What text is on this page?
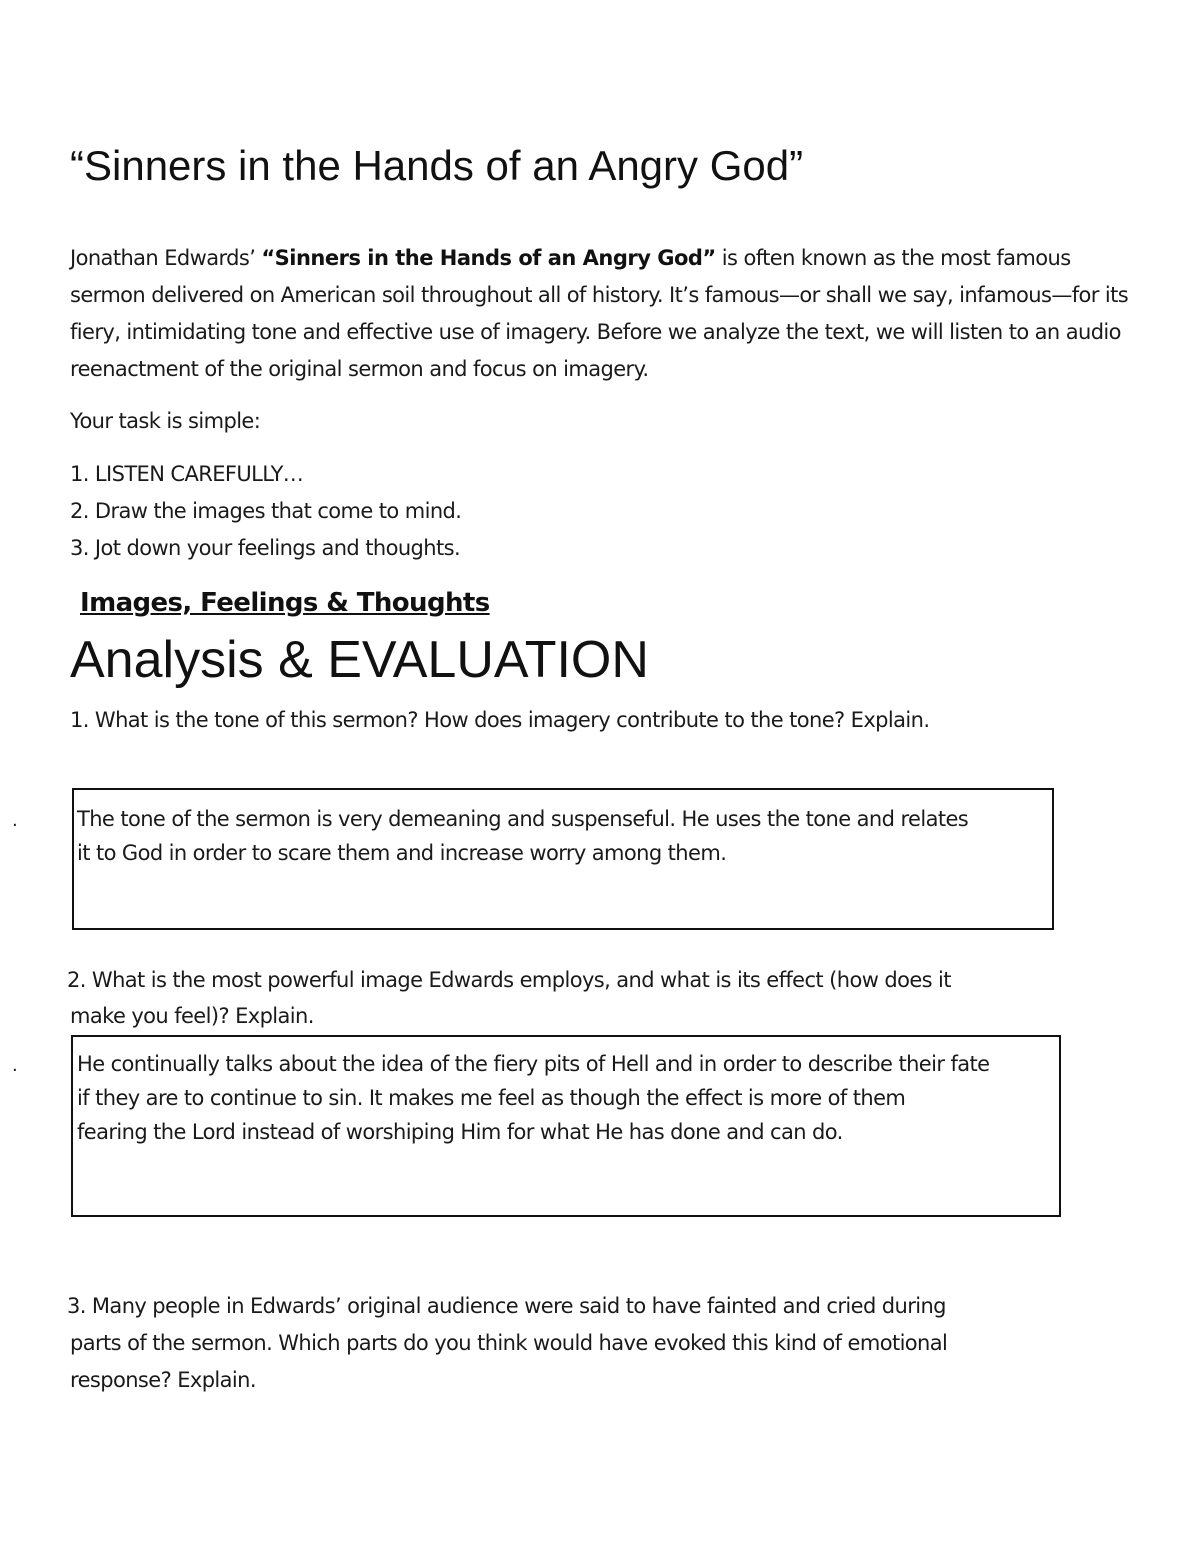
“Sinners in the Hands of an Angry God”

Jonathan Edwards’ “Sinners in the Hands of an Angry God” is often known as the most famous sermon delivered on American soil throughout all of history. It’s famous—or shall we say, infamous—for its fiery, intimidating tone and effective use of imagery. Before we analyze the text, we will listen to an audio reenactment of the original sermon and focus on imagery.

Your task is simple:
1. LISTEN CAREFULLY…
2. Draw the images that come to mind.
3. Jot down your feelings and thoughts.
Images, Feelings & Thoughts
Analysis & EVALUATION
1. What is the tone of this sermon? How does imagery contribute to the tone? Explain.
.	The tone of the sermon is very demeaning and suspenseful. He uses the tone and relates
it to God in order to scare them and increase worry among them.
2. What is the most powerful image Edwards employs, and what is its effect (how does it
make you feel)? Explain.
.	He continually talks about the idea of the fiery pits of Hell and in order to describe their fate
if they are to continue to sin. It makes me feel as though the effect is more of them
fearing the Lord instead of worshiping Him for what He has done and can do.
3. Many people in Edwards’ original audience were said to have fainted and cried during
parts of the sermon. Which parts do you think would have evoked this kind of emotional
response? Explain.
